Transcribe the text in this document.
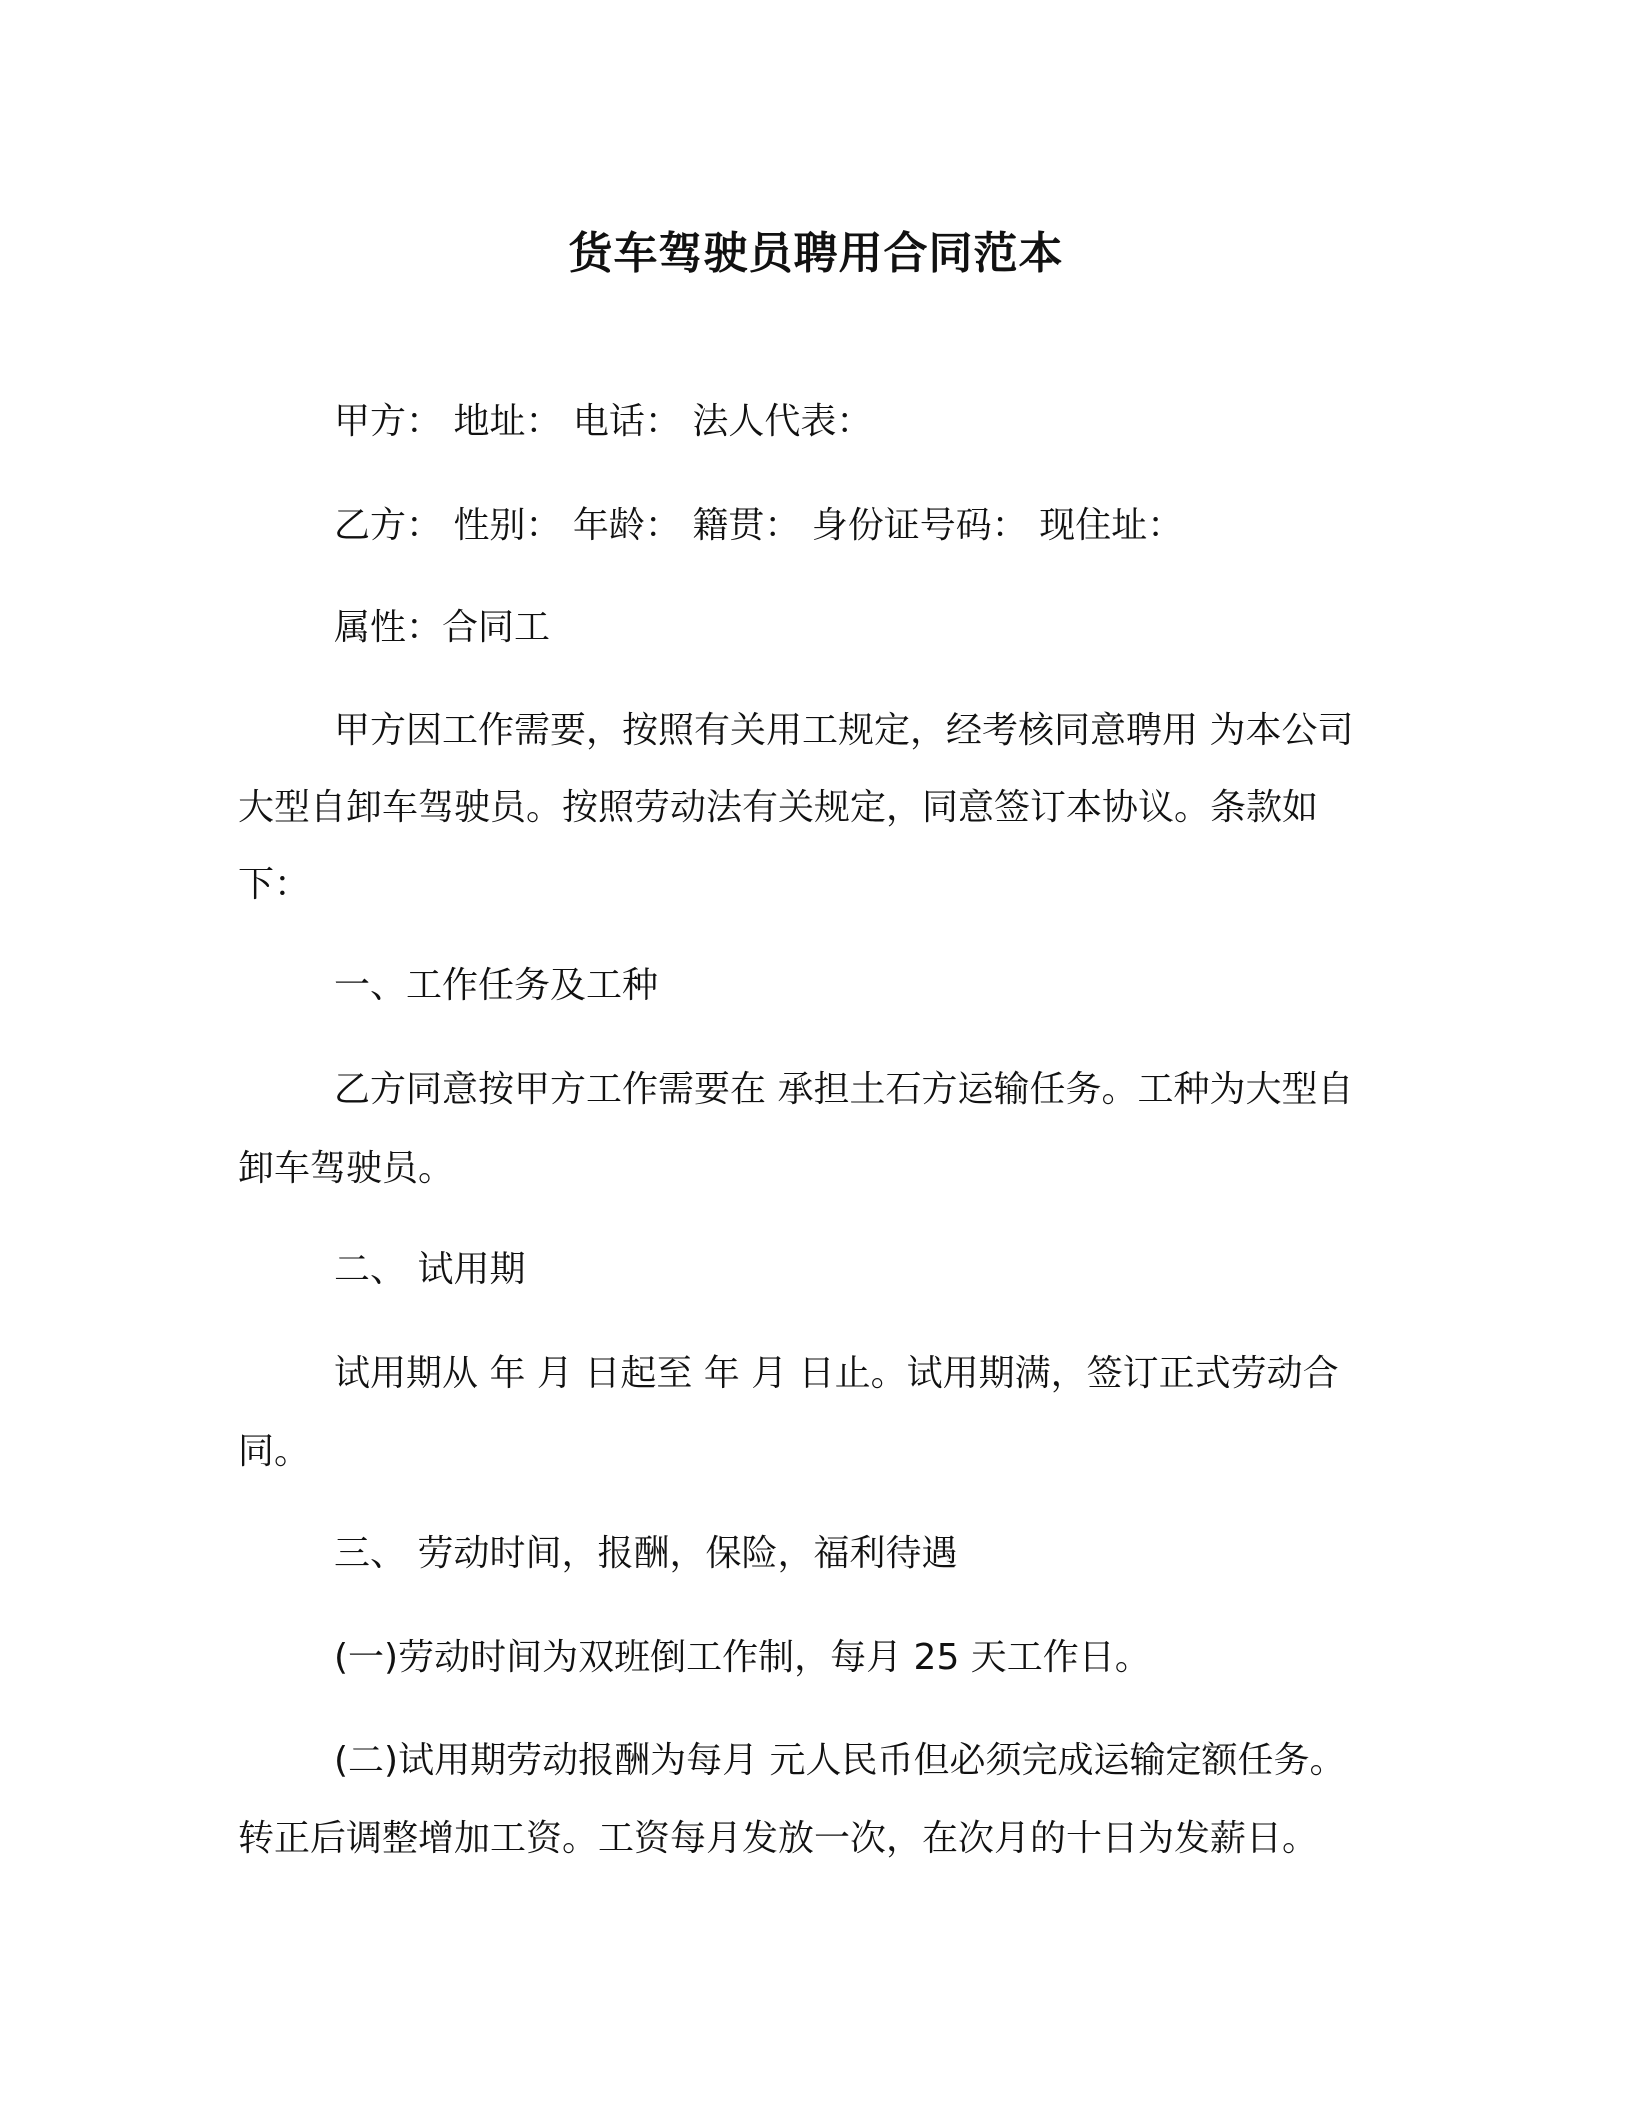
货车驾驶员聘用合同范本

甲方： 地址： 电话： 法人代表：

乙方： 性别： 年龄： 籍贯： 身份证号码： 现住址：

属性：合同工

甲方因工作需要，按照有关用工规定，经考核同意聘用 为本公司

大型自卸车驾驶员。按照劳动法有关规定，同意签订本协议。条款如

下：

一、工作任务及工种

乙方同意按甲方工作需要在 承担土石方运输任务。工种为大型自

卸车驾驶员。

二、 试用期

试用期从 年 月 日起至 年 月 日止。试用期满，签订正式劳动合

同。

三、 劳动时间，报酬，保险，福利待遇

(一)劳动时间为双班倒工作制，每月 25 天工作日。

(二)试用期劳动报酬为每月 元人民币但必须完成运输定额任务。

转正后调整增加工资。工资每月发放一次，在次月的十日为发薪日。
